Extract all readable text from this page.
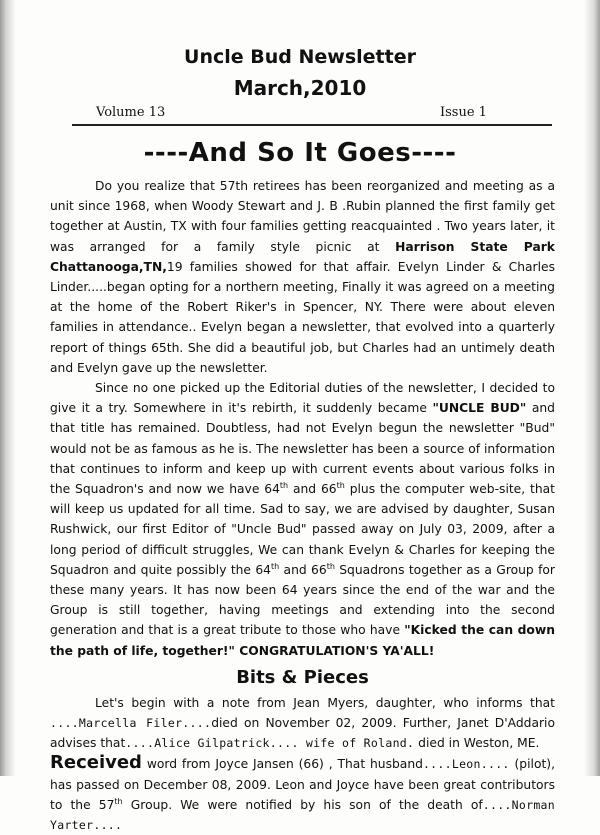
Uncle Bud Newsletter
March,2010
Volume 13	Issue 1
----And So It Goes----

Do you realize that 57th retirees has been reorganized and meeting as a unit since 1968, when Woody Stewart and J. B .Rubin planned the first family get together at Austin, TX with four families getting reacquainted . Two years later, it was arranged for a family style picnic at Harrison State Park Chattanooga,TN,19 families showed for that affair. Evelyn Linder & Charles Linder.....began opting for a northern meeting, Finally it was agreed on a meeting at the home of the Robert Riker's in Spencer, NY. There were about eleven families in attendance.. Evelyn began a newsletter, that evolved into a quarterly report of things 65th. She did a beautiful job, but Charles had an untimely death and Evelyn gave up the newsletter.

Since no one picked up the Editorial duties of the newsletter, I decided to give it a try. Somewhere in it's rebirth, it suddenly became "UNCLE BUD" and that title has remained. Doubtless, had not Evelyn begun the newsletter "Bud" would not be as famous as he is. The newsletter has been a source of information that continues to inform and keep up with current events about various folks in the Squadron's and now we have 64th and 66th plus the computer web-site, that will keep us updated for all time. Sad to say, we are advised by daughter, Susan Rushwick, our first Editor of "Uncle Bud" passed away on July 03, 2009, after a long period of difficult struggles, We can thank Evelyn & Charles for keeping the Squadron and quite possibly the 64th and 66th Squadrons together as a Group for these many years. It has now been 64 years since the end of the war and the Group is still together, having meetings and extending into the second generation and that is a great tribute to those who have "Kicked the can down the path of life, together!" CONGRATULATION'S YA'ALL!

Bits & Pieces

Let's begin with a note from Jean Myers, daughter, who informs that ....Marcella Filer....died on November 02, 2009. Further, Janet D'Addario advises that....Alice Gilpatrick.... wife of Roland. died in Weston, ME.

Received word from Joyce Jansen (66) , That husband....Leon.... (pilot), has passed on December 08, 2009. Leon and Joyce have been great contributors to the 57th Group. We were notified by his son of the death of....Norman Yarter....
